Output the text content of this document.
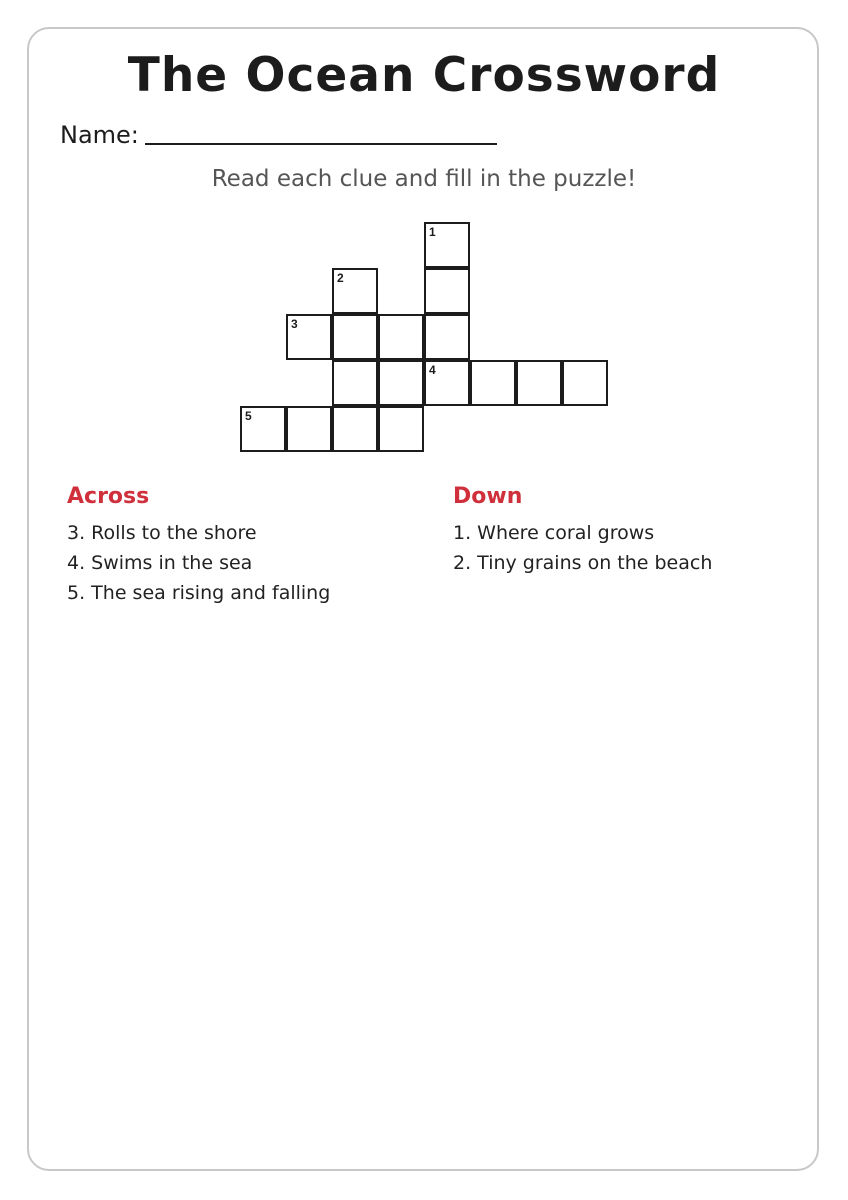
The Ocean Crossword
Name:
Read each clue and fill in the puzzle!
1
2
3
4
5
Across
3. Rolls to the shore
4. Swims in the sea
5. The sea rising and falling
Down
1. Where coral grows
2. Tiny grains on the beach
